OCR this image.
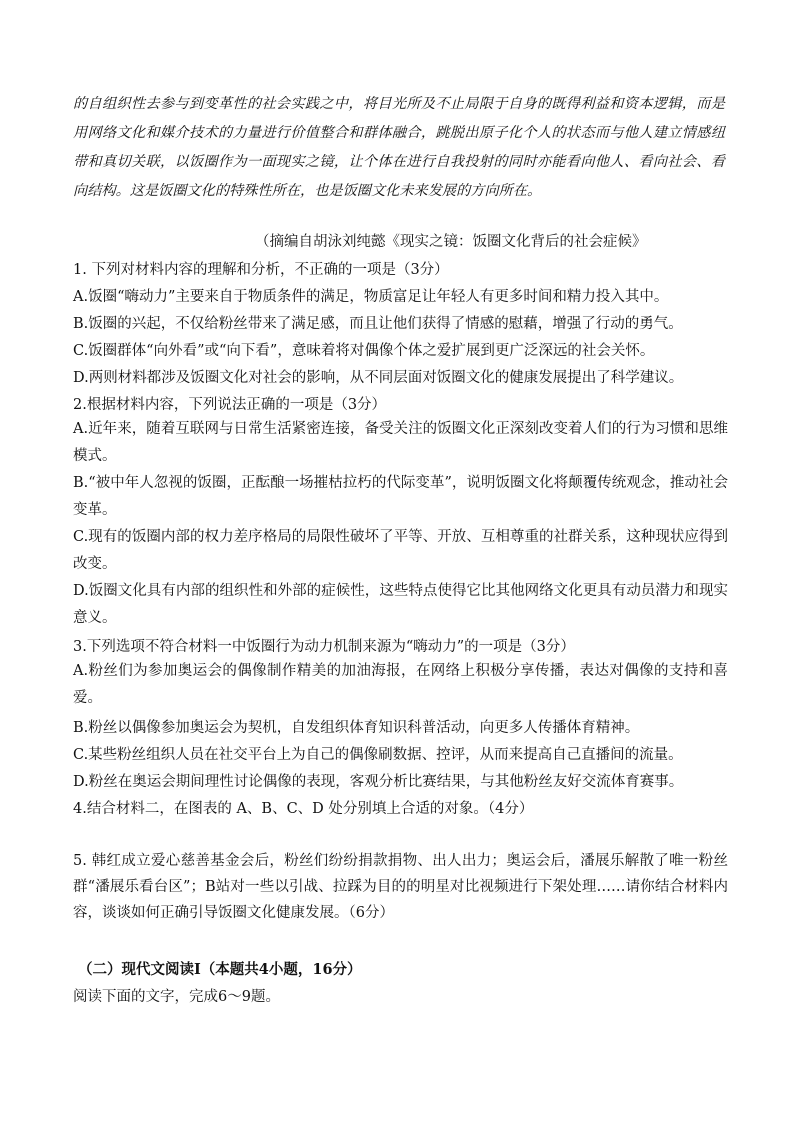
的自组织性去参与到变革性的社会实践之中，将目光所及不止局限于自身的既得利益和资本逻辑，而是用网络文化和媒介技术的力量进行价值整合和群体融合，跳脱出原子化个人的状态而与他人建立情感纽带和真切关联，以饭圈作为一面现实之镜，让个体在进行自我投射的同时亦能看向他人、看向社会、看向结构。这是饭圈文化的特殊性所在，也是饭圈文化未来发展的方向所在。
（摘编自胡泳刘纯懿《现实之镜：饭圈文化背后的社会症候》
1. 下列对材料内容的理解和分析，不正确的一项是（3分）
A.饭圈“嗨动力”主要来自于物质条件的满足，物质富足让年轻人有更多时间和精力投入其中。
B.饭圈的兴起，不仅给粉丝带来了满足感，而且让他们获得了情感的慰藉，增强了行动的勇气。
C.饭圈群体“向外看”或“向下看”，意味着将对偶像个体之爱扩展到更广泛深远的社会关怀。
D.两则材料都涉及饭圈文化对社会的影响，从不同层面对饭圈文化的健康发展提出了科学建议。
2.根据材料内容，下列说法正确的一项是（3分）
A.近年来，随着互联网与日常生活紧密连接，备受关注的饭圈文化正深刻改变着人们的行为习惯和思维模式。
B.“被中年人忽视的饭圈，正酝酿一场摧枯拉朽的代际变革”，说明饭圈文化将颠覆传统观念，推动社会变革。
C.现有的饭圈内部的权力差序格局的局限性破坏了平等、开放、互相尊重的社群关系，这种现状应得到改变。
D.饭圈文化具有内部的组织性和外部的症候性，这些特点使得它比其他网络文化更具有动员潜力和现实意义。
3.下列选项不符合材料一中饭圈行为动力机制来源为“嗨动力”的一项是（3分）
A.粉丝们为参加奥运会的偶像制作精美的加油海报，在网络上积极分享传播，表达对偶像的支持和喜爱。
B.粉丝以偶像参加奥运会为契机，自发组织体育知识科普活动，向更多人传播体育精神。
C.某些粉丝组织人员在社交平台上为自己的偶像刷数据、控评，从而来提高自己直播间的流量。
D.粉丝在奥运会期间理性讨论偶像的表现，客观分析比赛结果，与其他粉丝友好交流体育赛事。
4.结合材料二，在图表的 A、B、C、D 处分别填上合适的对象。（4分）
5. 韩红成立爱心慈善基金会后，粉丝们纷纷捐款捐物、出人出力；奥运会后，潘展乐解散了唯一粉丝群“潘展乐看台区”；B站对一些以引战、拉踩为目的的明星对比视频进行下架处理……请你结合材料内容，谈谈如何正确引导饭圈文化健康发展。（6分）
（二）现代文阅读Ⅰ（本题共4小题，16分）
阅读下面的文字，完成6～9题。
